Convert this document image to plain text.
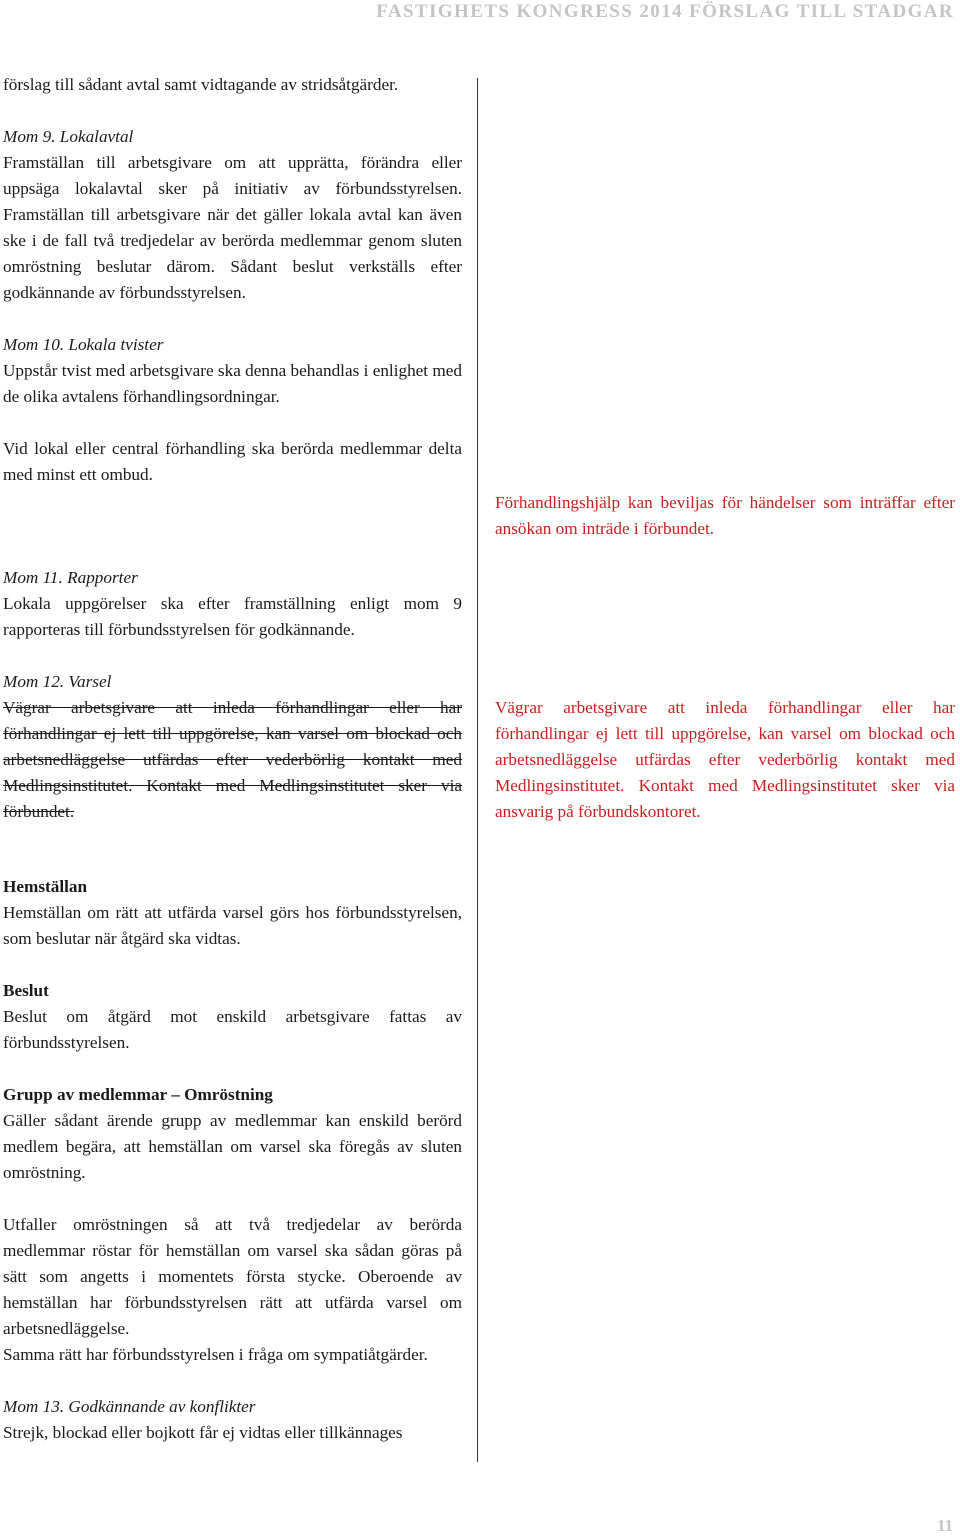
FASTIGHETS KONGRESS 2014 FÖRSLAG TILL STADGAR

förslag till sådant avtal samt vidtagande av stridsåtgärder.

Mom 9. Lokalavtal

Framställan till arbetsgivare om att upprätta, förändra eller uppsäga lokalavtal sker på initiativ av förbundsstyrelsen. Framställan till arbetsgivare när det gäller lokala avtal kan även ske i de fall två tredjedelar av berörda medlemmar genom sluten omröstning beslutar därom. Sådant beslut verkställs efter godkännande av förbundsstyrelsen.

Mom 10. Lokala tvister

Uppstår tvist med arbetsgivare ska denna behandlas i enlighet med de olika avtalens förhandlingsordningar.

Vid lokal eller central förhandling ska berörda medlemmar delta med minst ett ombud.

Mom 11. Rapporter

Lokala uppgörelser ska efter framställning enligt mom 9 rapporteras till förbundsstyrelsen för godkännande.

Mom 12. Varsel

Vägrar arbetsgivare att inleda förhandlingar eller har förhandlingar ej lett till uppgörelse, kan varsel om blockad och arbetsnedläggelse utfärdas efter vederbörlig kontakt med Medlingsinstitutet. Kontakt med Medlingsinstitutet sker via förbundet.

Hemställan

Hemställan om rätt att utfärda varsel görs hos förbundsstyrelsen, som beslutar när åtgärd ska vidtas.

Beslut

Beslut om åtgärd mot enskild arbetsgivare fattas av förbundsstyrelsen.

Grupp av medlemmar – Omröstning

Gäller sådant ärende grupp av medlemmar kan enskild berörd medlem begära, att hemställan om varsel ska föregås av sluten omröstning.

Utfaller omröstningen så att två tredjedelar av berörda medlemmar röstar för hemställan om varsel ska sådan göras på sätt som angetts i momentets första stycke. Oberoende av hemställan har förbundsstyrelsen rätt att utfärda varsel om arbetsnedläggelse.

Samma rätt har förbundsstyrelsen i fråga om sympatiåtgärder.

Mom 13. Godkännande av konflikter

Strejk, blockad eller bojkott får ej vidtas eller tillkännages

Förhandlingshjälp kan beviljas för händelser som inträffar efter ansökan om inträde i förbundet.

Vägrar arbetsgivare att inleda förhandlingar eller har förhandlingar ej lett till uppgörelse, kan varsel om blockad och arbetsnedläggelse utfärdas efter vederbörlig kontakt med Medlingsinstitutet. Kontakt med Medlingsinstitutet sker via ansvarig på förbundskontoret.

11
